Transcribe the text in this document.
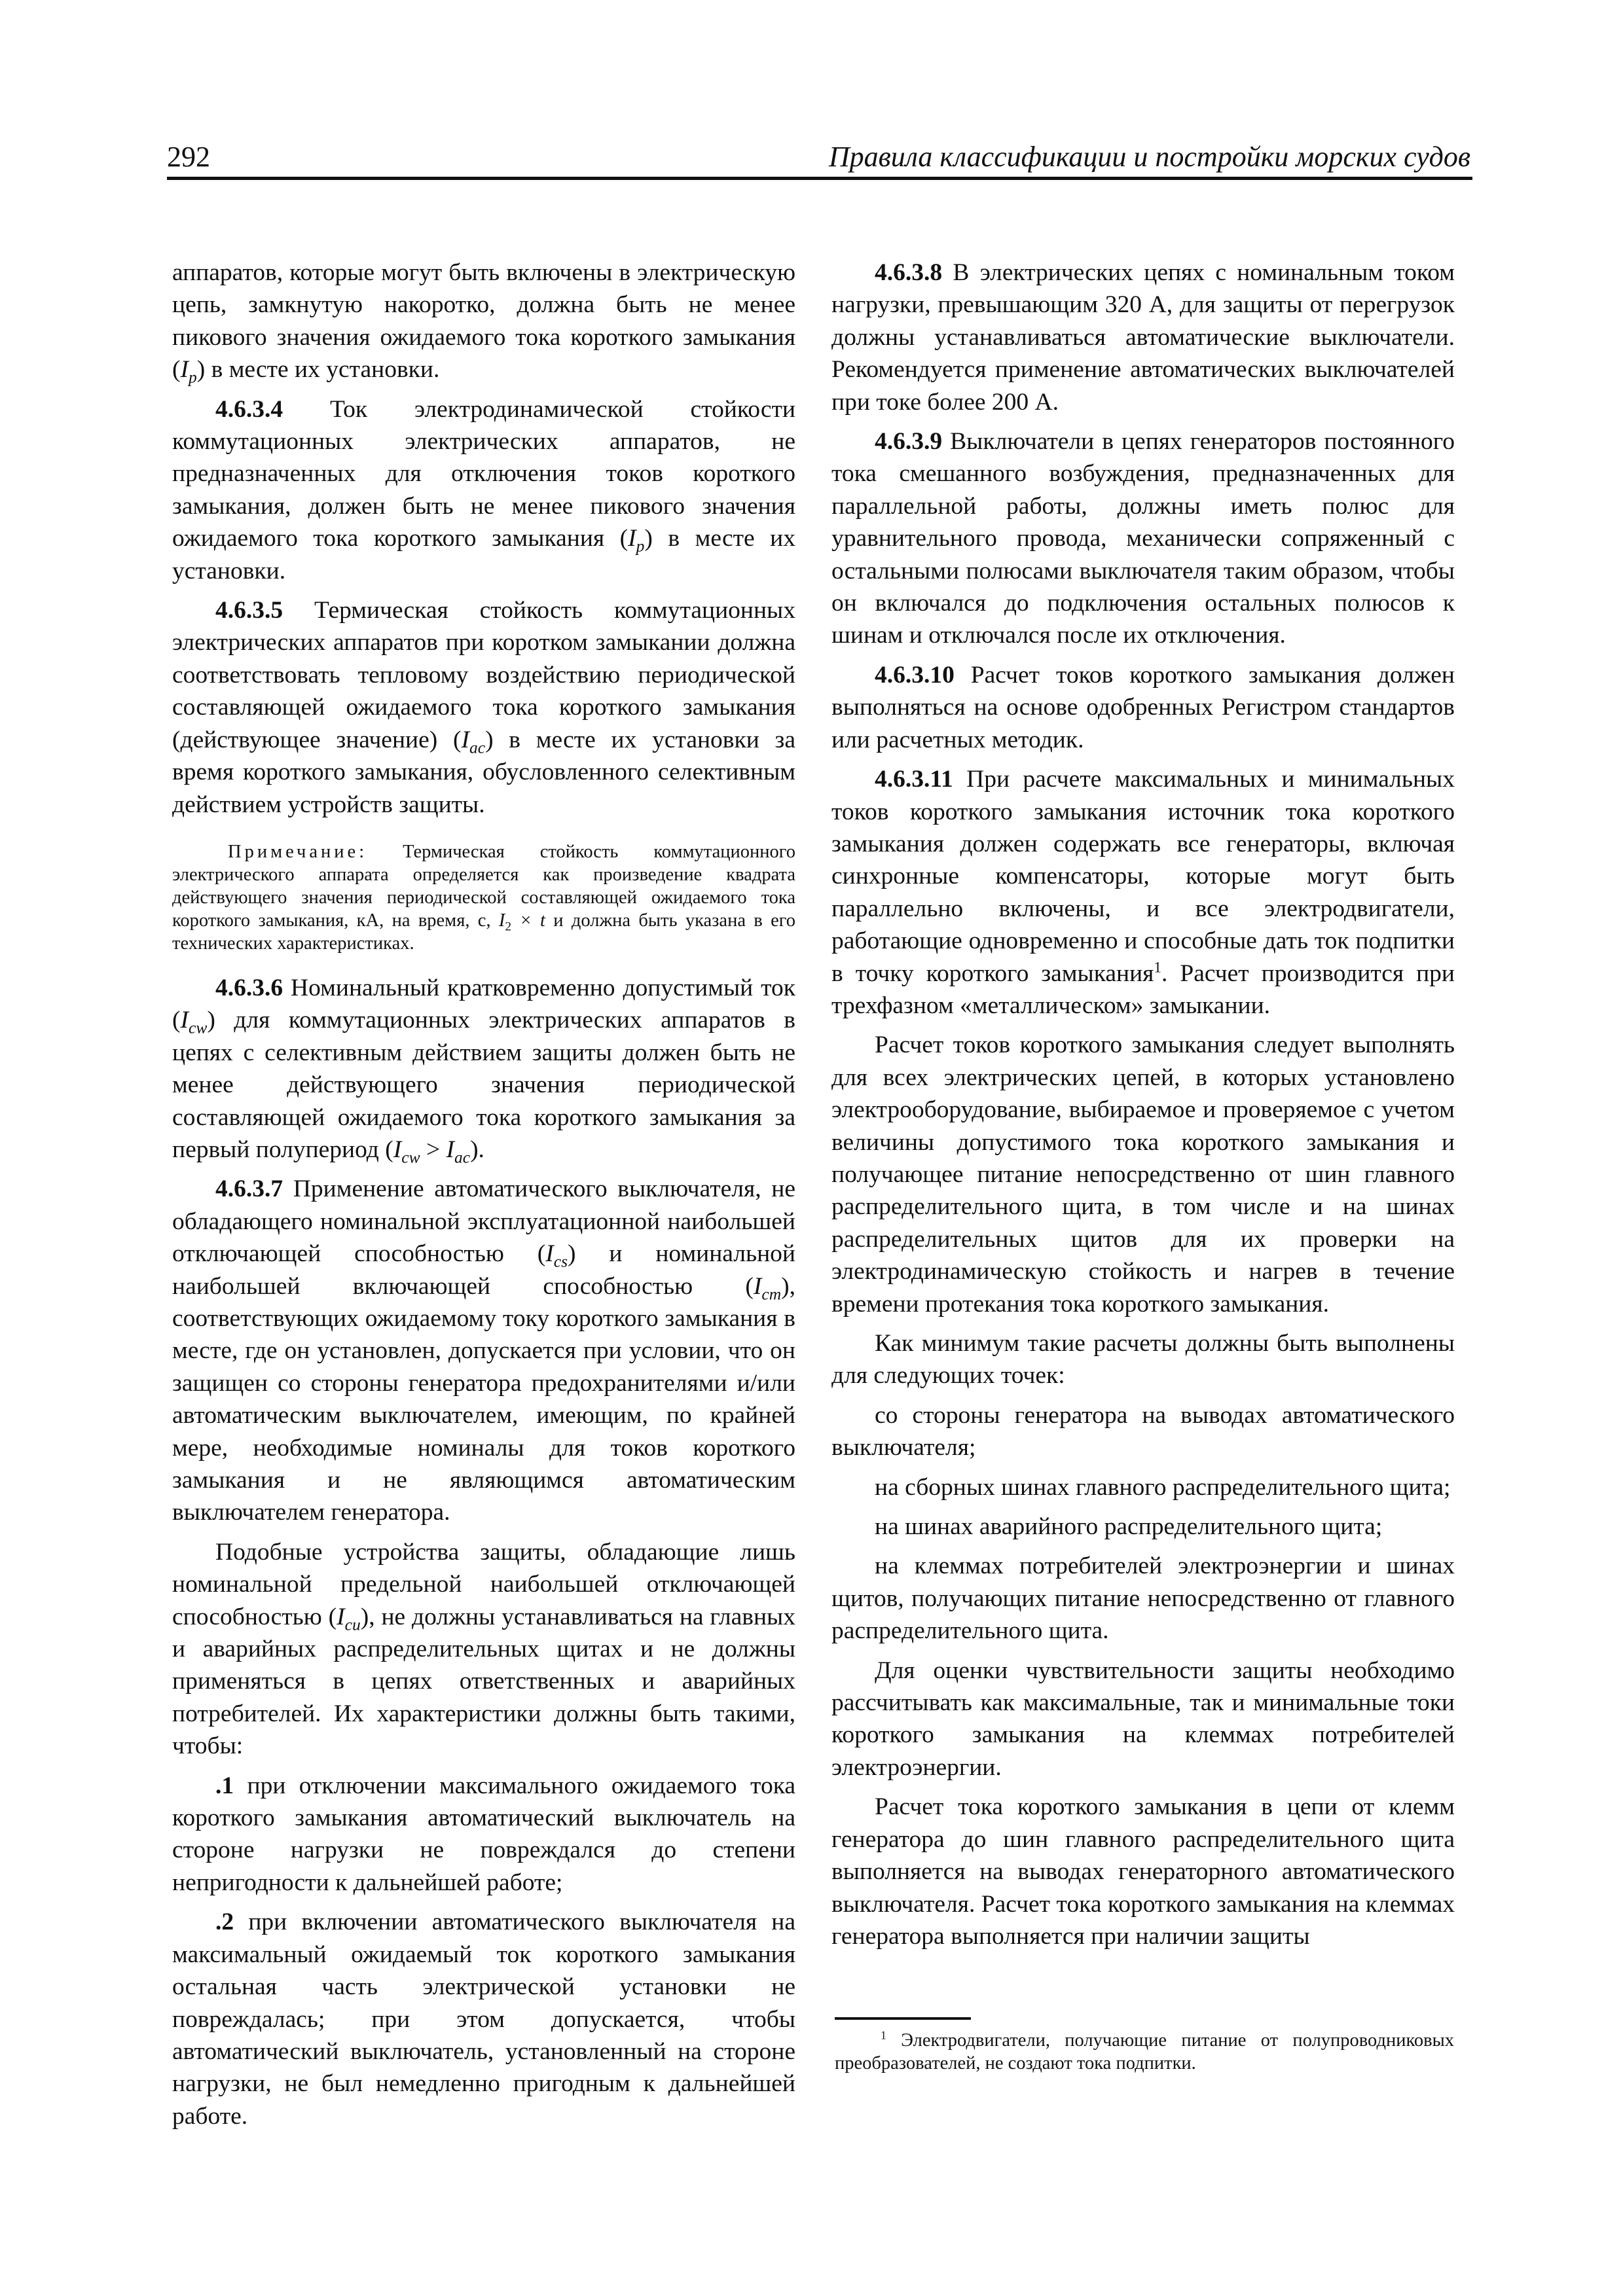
292	Правила классификации и постройки морских судов

аппаратов, которые могут быть включены в электрическую цепь, замкнутую накоротко, должна быть не менее пикового значения ожидаемого тока короткого замыкания $(I_p)$ в месте их установки.

4.6.3.4 Ток электродинамической стойкости коммутационных электрических аппаратов, не предназначенных для отключения токов короткого замыкания, должен быть не менее пикового значения ожидаемого тока короткого замыкания $(I_p)$ в месте их установки.

4.6.3.5 Термическая стойкость коммутационных электрических аппаратов при коротком замыкании должна соответствовать тепловому воздействию периодической составляющей ожидаемого тока короткого замыкания (действующее значение) $(I_{ac})$ в месте их установки за время короткого замыкания, обусловленного селективным действием устройств защиты.

Примечание: Термическая стойкость коммутационного электрического аппарата определяется как произведение квадрата действующего значения периодической составляющей ожидаемого тока короткого замыкания, кА, на время, с, $I_2 \times t$ и должна быть указана в его технических характеристиках.

4.6.3.6 Номинальный кратковременно допустимый ток $(I_{cw})$ для коммутационных электрических аппаратов в цепях с селективным действием защиты должен быть не менее действующего значения периодической составляющей ожидаемого тока короткого замыкания за первый полупериод $(I_{cw} > I_{ac})$.

4.6.3.7 Применение автоматического выключателя, не обладающего номинальной эксплуатационной наибольшей отключающей способностью $(I_{cs})$ и номинальной наибольшей включающей способностью $(I_{cm})$, соответствующих ожидаемому току короткого замыкания в месте, где он установлен, допускается при условии, что он защищен со стороны генератора предохранителями и/или автоматическим выключателем, имеющим, по крайней мере, необходимые номиналы для токов короткого замыкания и не являющимся автоматическим выключателем генератора.

Подобные устройства защиты, обладающие лишь номинальной предельной наибольшей отключающей способностью $(I_{cu})$, не должны устанавливаться на главных и аварийных распределительных щитах и не должны применяться в цепях ответственных и аварийных потребителей. Их характеристики должны быть такими, чтобы:

.1 при отключении максимального ожидаемого тока короткого замыкания автоматический выключатель на стороне нагрузки не повреждался до степени непригодности к дальнейшей работе;

.2 при включении автоматического выключателя на максимальный ожидаемый ток короткого замыкания остальная часть электрической установки не повреждалась; при этом допускается, чтобы автоматический выключатель, установленный на стороне нагрузки, не был немедленно пригодным к дальнейшей работе.

4.6.3.8 В электрических цепях с номинальным током нагрузки, превышающим 320 А, для защиты от перегрузок должны устанавливаться автоматические выключатели. Рекомендуется применение автоматических выключателей при токе более 200 А.

4.6.3.9 Выключатели в цепях генераторов постоянного тока смешанного возбуждения, предназначенных для параллельной работы, должны иметь полюс для уравнительного провода, механически сопряженный с остальными полюсами выключателя таким образом, чтобы он включался до подключения остальных полюсов к шинам и отключался после их отключения.

4.6.3.10 Расчет токов короткого замыкания должен выполняться на основе одобренных Регистром стандартов или расчетных методик.

4.6.3.11 При расчете максимальных и минимальных токов короткого замыкания источник тока короткого замыкания должен содержать все генераторы, включая синхронные компенсаторы, которые могут быть параллельно включены, и все электродвигатели, работающие одновременно и способные дать ток подпитки в точку короткого замыкания$^1$. Расчет производится при трехфазном «металлическом» замыкании.

Расчет токов короткого замыкания следует выполнять для всех электрических цепей, в которых установлено электрооборудование, выбираемое и проверяемое с учетом величины допустимого тока короткого замыкания и получающее питание непосредственно от шин главного распределительного щита, в том числе и на шинах распределительных щитов для их проверки на электродинамическую стойкость и нагрев в течение времени протекания тока короткого замыкания.

Как минимум такие расчеты должны быть выполнены для следующих точек:

со стороны генератора на выводах автоматического выключателя;

на сборных шинах главного распределительного щита;

на шинах аварийного распределительного щита;

на клеммах потребителей электроэнергии и шинах щитов, получающих питание непосредственно от главного распределительного щита.

Для оценки чувствительности защиты необходимо рассчитывать как максимальные, так и минимальные токи короткого замыкания на клеммах потребителей электроэнергии.

Расчет тока короткого замыкания в цепи от клемм генератора до шин главного распределительного щита выполняется на выводах генераторного автоматического выключателя. Расчет тока короткого замыкания на клеммах генератора выполняется при наличии защиты

$^1$ Электродвигатели, получающие питание от полупроводниковых преобразователей, не создают тока подпитки.
